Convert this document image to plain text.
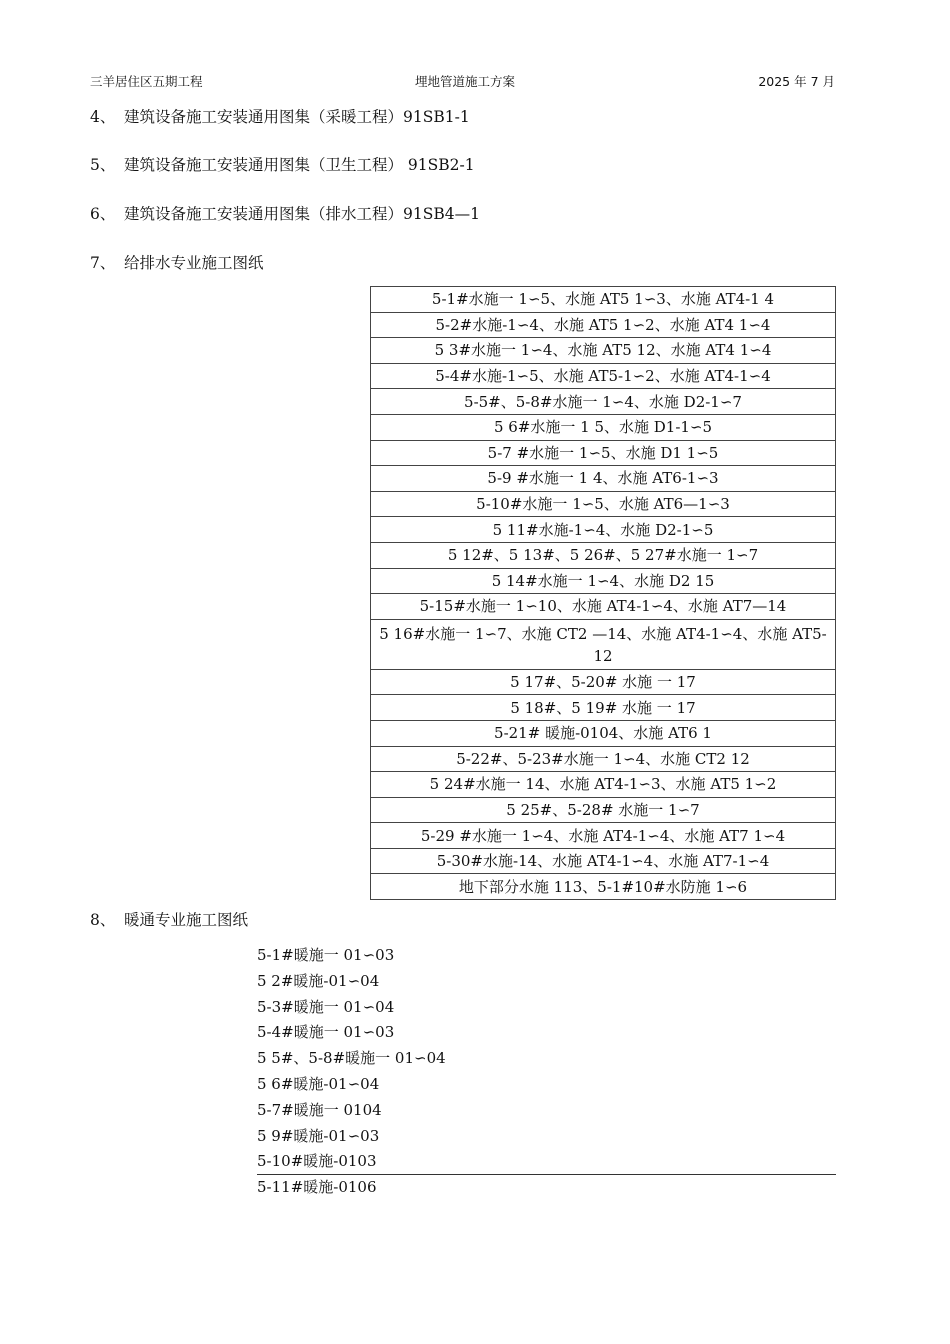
三羊居住区五期工程	埋地管道施工方案	2025 年 7 月
4、 建筑设备施工安装通用图集（采暖工程）91SB1-1
5、 建筑设备施工安装通用图集（卫生工程） 91SB2-1
6、 建筑设备施工安装通用图集（排水工程）91SB4—1
7、 给排水专业施工图纸
5-1#水施一 1∽5、水施 AT5 1∽3、水施 AT4-1 4
5-2#水施-1∽4、水施 AT5 1∽2、水施 AT4 1∽4
5 3#水施一 1∽4、水施 AT5 12、水施 AT4 1∽4
5-4#水施-1∽5、水施 AT5-1∽2、水施 AT4-1∽4
5-5#、5-8#水施一 1∽4、水施 D2-1∽7
5 6#水施一 1 5、水施 D1-1∽5
5-7 #水施一 1∽5、水施 D1 1∽5
5-9 #水施一 1 4、水施 AT6-1∽3
5-10#水施一 1∽5、水施 AT6—1∽3
5 11#水施-1∽4、水施 D2-1∽5
5 12#、5 13#、5 26#、5 27#水施一 1∽7
5 14#水施一 1∽4、水施 D2 15
5-15#水施一 1∽10、水施 AT4-1∽4、水施 AT7—14
5 16#水施一 1∽7、水施 CT2 —14、水施 AT4-1∽4、水施 AT5-12
5 17#、5-20# 水施 一 17
5 18#、5 19# 水施 一 17
5-21# 暖施-0104、水施 AT6 1
5-22#、5-23#水施一 1∽4、水施 CT2 12
5 24#水施一 14、水施 AT4-1∽3、水施 AT5 1∽2
5 25#、5-28# 水施一 1∽7
5-29 #水施一 1∽4、水施 AT4-1∽4、水施 AT7 1∽4
5-30#水施-14、水施 AT4-1∽4、水施 AT7-1∽4
地下部分水施 113、5-1#10#水防施 1∽6
8、 暖通专业施工图纸
5-1#暖施一 01∽03
5 2#暖施-01∽04
5-3#暖施一 01∽04
5-4#暖施一 01∽03
5 5#、5-8#暖施一 01∽04
5 6#暖施-01∽04
5-7#暖施一 0104
5 9#暖施-01∽03
5-10#暖施-0103
5-11#暖施-0106
